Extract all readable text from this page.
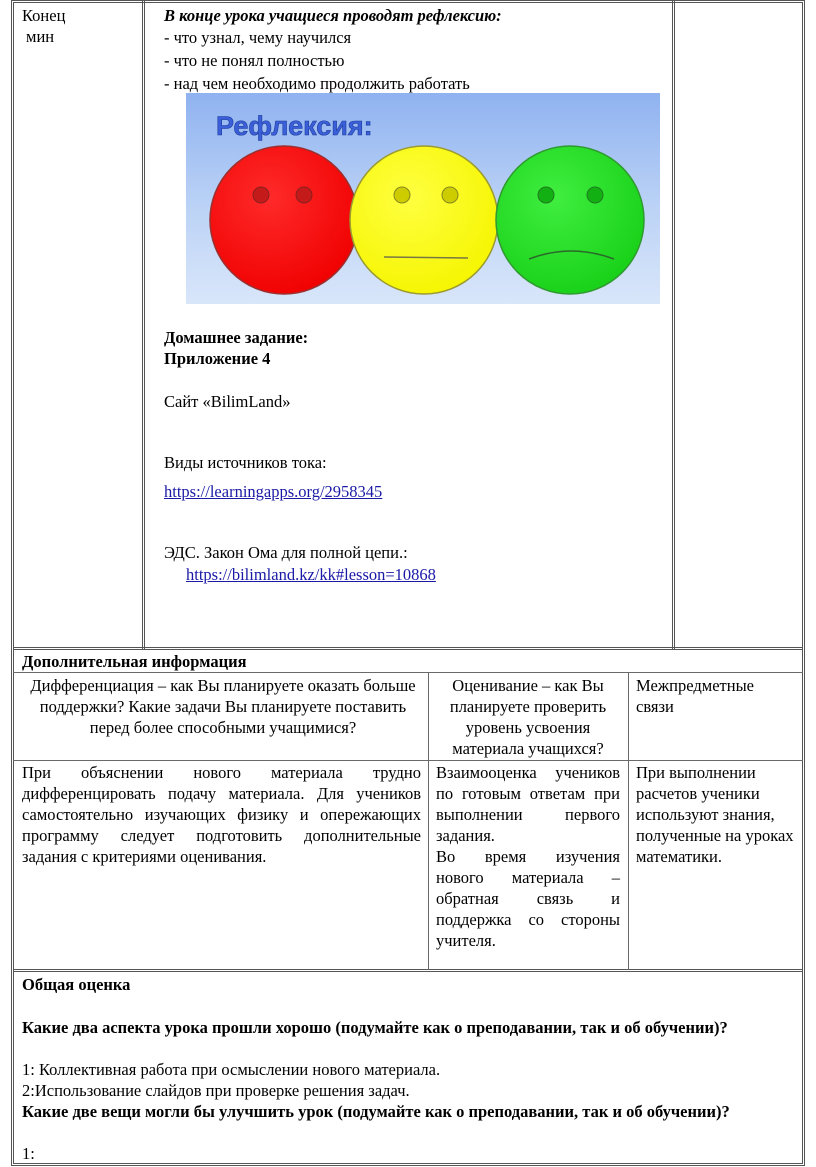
Конец
мин
В конце урока учащиеся проводят рефлексию:
- что узнал, чему научился
- что не понял полностью
- над чем необходимо продолжить работать
Рефлексия:
Домашнее задание:
Приложение 4
Сайт «BilimLand»
Виды источников тока:
https://learningapps.org/2958345
ЭДС. Закон Ома для полной цепи.:
https://bilimland.kz/kk#lesson=10868
Дополнительная информация
Дифференциация – как Вы планируете оказать больше поддержки? Какие задачи Вы планируете поставить перед более способными учащимися?
Оценивание – как Вы планируете проверить уровень усвоения материала учащихся?
Межпредметные связи
При объяснении нового материала трудно дифференцировать подачу материала. Для учеников самостоятельно изучающих физику и опережающих программу следует подготовить дополнительные задания с критериями оценивания.

Взаимооценка учеников по готовым ответам при выполнении первого задания.

Во время изучения нового материала – обратная связь и поддержка со стороны учителя.

При выполнении расчетов ученики используют знания, полученные на уроках математики.
Общая оценка
Какие два аспекта урока прошли хорошо (подумайте как о преподавании, так и об обучении)?
1: Коллективная работа при осмыслении нового материала.
2:Использование слайдов при проверке решения задач.
Какие две вещи могли бы улучшить урок (подумайте как о преподавании, так и об обучении)?
1:
